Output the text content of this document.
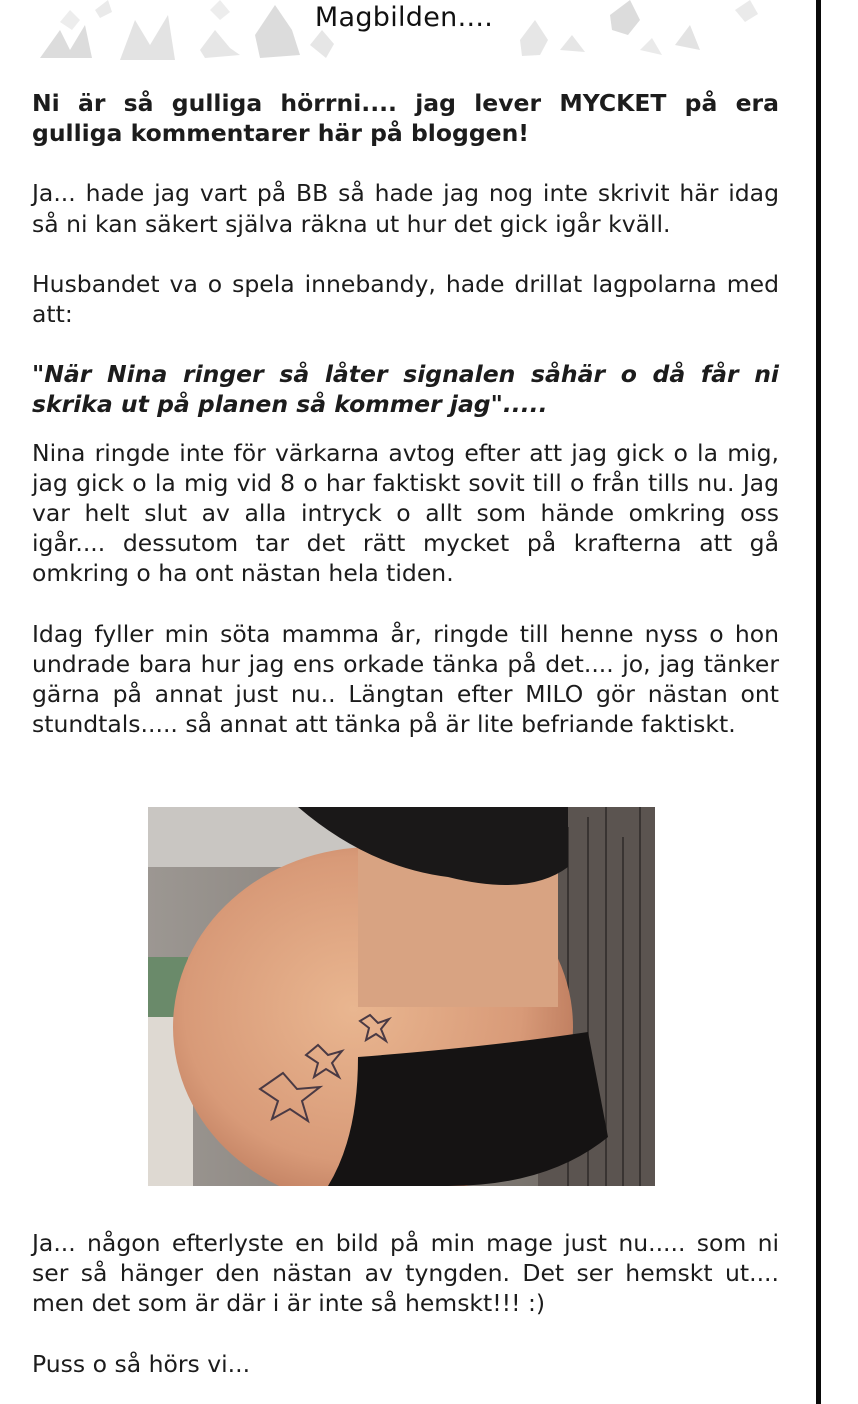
Magbilden....

Ni är så gulliga hörrni.... jag lever MYCKET på era gulliga kommentarer här på bloggen!

Ja... hade jag vart på BB så hade jag nog inte skrivit här idag så ni kan säkert själva räkna ut hur det gick igår kväll.

Husbandet va o spela innebandy, hade drillat lagpolarna med att:

"När Nina ringer så låter signalen såhär o då får ni skrika ut på planen så kommer jag".....

Nina ringde inte för värkarna avtog efter att jag gick o la mig, jag gick o la mig vid 8 o har faktiskt sovit till o från tills nu. Jag var helt slut av alla intryck o allt som hände omkring oss igår.... dessutom tar det rätt mycket på krafterna att gå omkring o ha ont nästan hela tiden.

Idag fyller min söta mamma år, ringde till henne nyss o hon undrade bara hur jag ens orkade tänka på det.... jo, jag tänker gärna på annat just nu.. Längtan efter MILO gör nästan ont stundtals..... så annat att tänka på är lite befriande faktiskt.

Ja... någon efterlyste en bild på min mage just nu..... som ni ser så hänger den nästan av tyngden. Det ser hemskt ut.... men det som är där i är inte så hemskt!!! :)

Puss o så hörs vi...
